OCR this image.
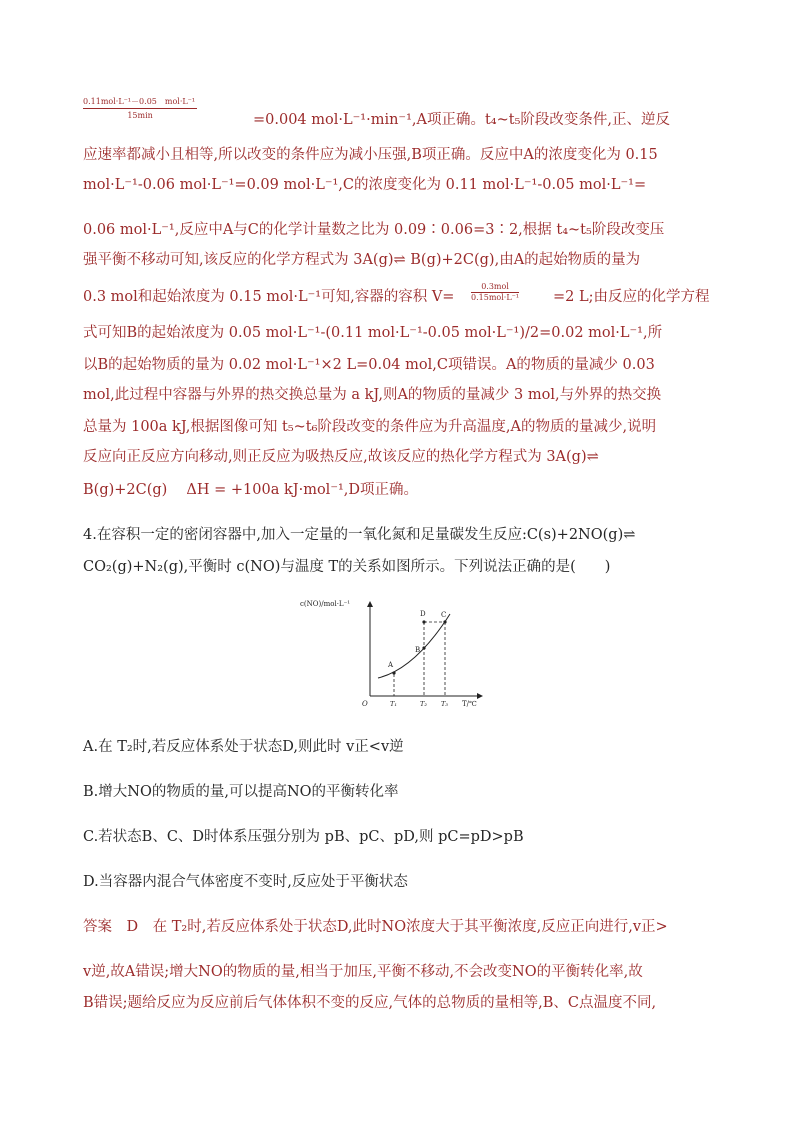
0.11mol·L⁻¹－0.05　mol·L⁻¹
15min	=0.004 mol·L⁻¹·min⁻¹,A项正确。t₄~t₅阶段改变条件,正、逆反
应速率都减小且相等,所以改变的条件应为减小压强,B项正确。反应中A的浓度变化为 0.15
mol·L⁻¹-0.06 mol·L⁻¹=0.09 mol·L⁻¹,C的浓度变化为 0.11 mol·L⁻¹-0.05 mol·L⁻¹=
0.06 mol·L⁻¹,反应中A与C的化学计量数之比为 0.09∶0.06=3∶2,根据 t₄~t₅阶段改变压
强平衡不移动可知,该反应的化学方程式为 3A(g)⇌ B(g)+2C(g),由A的起始物质的量为
0.3 mol和起始浓度为 0.15 mol·L⁻¹可知,容器的容积 V=
0.3mol
0.15mol·L⁻¹ =2 L;由反应的化学方程
式可知B的起始浓度为 0.05 mol·L⁻¹-(0.11 mol·L⁻¹-0.05 mol·L⁻¹)/2=0.02 mol·L⁻¹,所
以B的起始物质的量为 0.02 mol·L⁻¹×2 L=0.04 mol,C项错误。A的物质的量减少 0.03
mol,此过程中容器与外界的热交换总量为 a kJ,则A的物质的量减少 3 mol,与外界的热交换
总量为 100a kJ,根据图像可知 t₅~t₆阶段改变的条件应为升高温度,A的物质的量减少,说明
反应向正反应方向移动,则正反应为吸热反应,故该反应的热化学方程式为 3A(g)⇌
B(g)+2C(g)　 ΔH = +100a kJ·mol⁻¹,D项正确。
4.在容积一定的密闭容器中,加入一定量的一氧化氮和足量碳发生反应:C(s)+2NO(g)⇌
CO₂(g)+N₂(g),平衡时 c(NO)与温度 T的关系如图所示。下列说法正确的是(　　)
c(NO)/mol·L⁻¹
T/℃
O
A
B
C
D
T₁	T₂ T₃
A.在 T₂时,若反应体系处于状态D,则此时 v正<v逆
B.增大NO的物质的量,可以提高NO的平衡转化率
C.若状态B、C、D时体系压强分别为 pB、pC、pD,则 pC=pD>pB
D.当容器内混合气体密度不变时,反应处于平衡状态
答案　D　在 T₂时,若反应体系处于状态D,此时NO浓度大于其平衡浓度,反应正向进行,v正>
v逆,故A错误;增大NO的物质的量,相当于加压,平衡不移动,不会改变NO的平衡转化率,故
B错误;题给反应为反应前后气体体积不变的反应,气体的总物质的量相等,B、C点温度不同,
